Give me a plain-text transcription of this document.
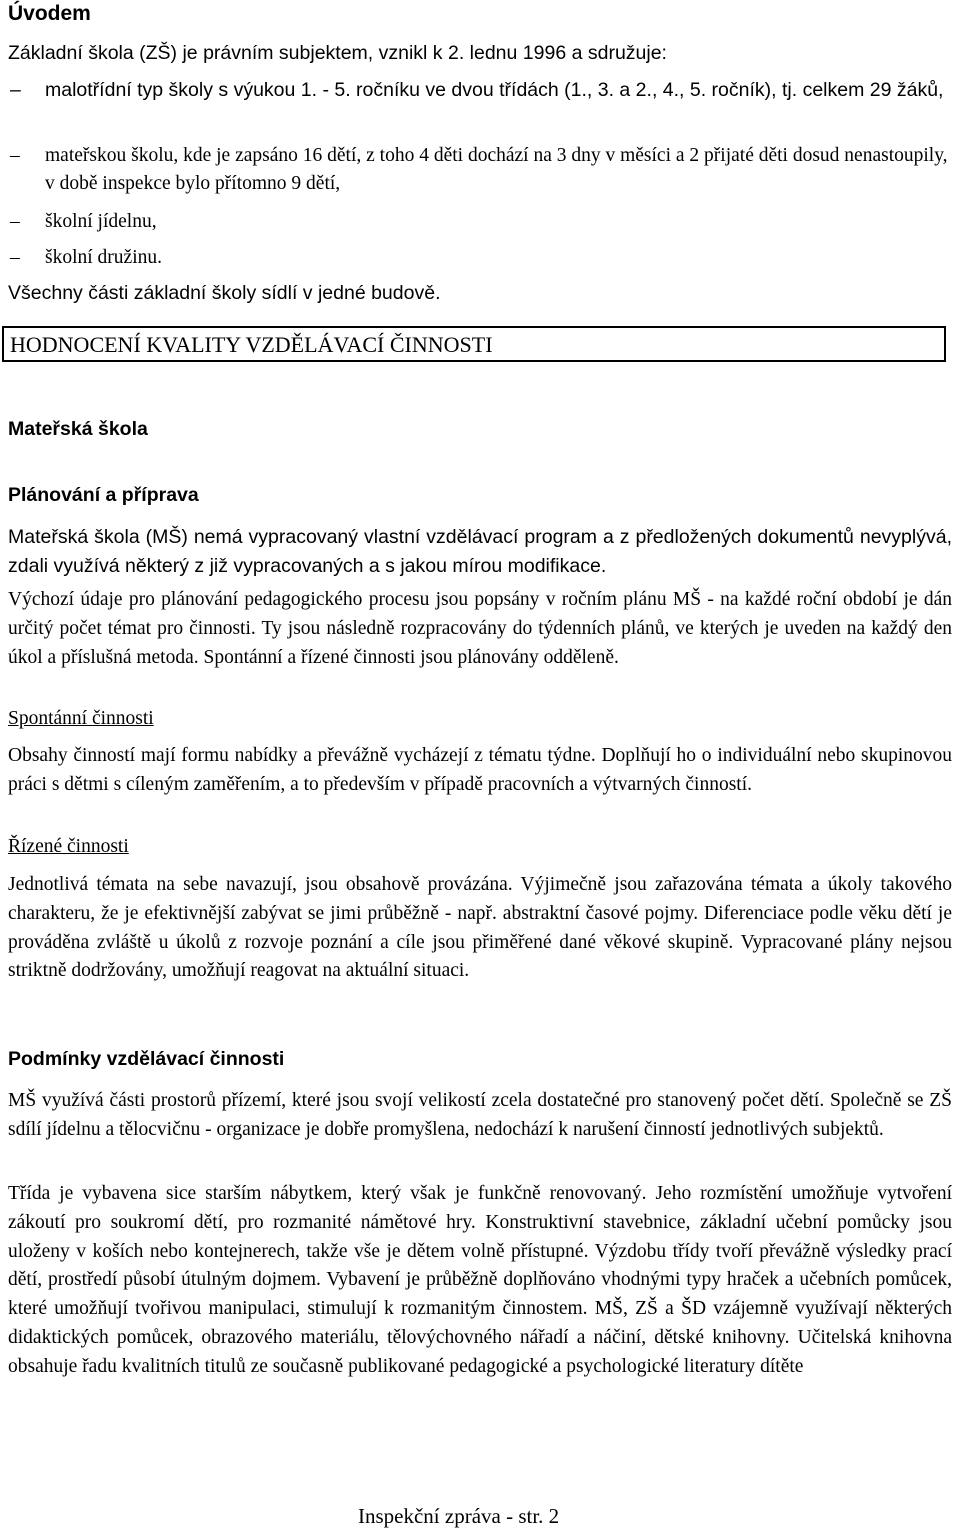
Úvodem
Základní škola (ZŠ) je právním subjektem, vznikl k 2. lednu 1996 a sdružuje:
– malotřídní typ školy s výukou 1. - 5. ročníku ve dvou třídách (1., 3. a 2., 4., 5. ročník), tj. celkem 29 žáků,
– mateřskou školu, kde je zapsáno 16 dětí, z toho 4 děti dochází na 3 dny v měsíci a 2 přijaté děti dosud nenastoupily, v době inspekce bylo přítomno 9 dětí,
– školní jídelnu,
– školní družinu.
Všechny části základní školy sídlí v jedné budově.
HODNOCENÍ KVALITY VZDĚLÁVACÍ ČINNOSTI
Mateřská škola
Plánování a příprava

Mateřská škola (MŠ) nemá vypracovaný vlastní vzdělávací program a z předložených dokumentů nevyplývá, zdali využívá některý z již vypracovaných a s jakou mírou modifikace.

Výchozí údaje pro plánování pedagogického procesu jsou popsány v ročním plánu MŠ - na každé roční období je dán určitý počet témat pro činnosti. Ty jsou následně rozpracovány do týdenních plánů, ve kterých je uveden na každý den úkol a příslušná metoda. Spontánní a řízené činnosti jsou plánovány odděleně.

Spontánní činnosti

Obsahy činností mají formu nabídky a převážně vycházejí z tématu týdne. Doplňují ho o individuální nebo skupinovou práci s dětmi s cíleným zaměřením, a to především v případě pracovních a výtvarných činností.

Řízené činnosti

Jednotlivá témata na sebe navazují, jsou obsahově provázána. Výjimečně jsou zařazována témata a úkoly takového charakteru, že je efektivnější zabývat se jimi průběžně - např. abstraktní časové pojmy. Diferenciace podle věku dětí je prováděna zvláště u úkolů z rozvoje poznání a cíle jsou přiměřené dané věkové skupině. Vypracované plány nejsou striktně dodržovány, umožňují reagovat na aktuální situaci.

Podmínky vzdělávací činnosti

MŠ využívá části prostorů přízemí, které jsou svojí velikostí zcela dostatečné pro stanovený počet dětí. Společně se ZŠ sdílí jídelnu a tělocvičnu - organizace je dobře promyšlena, nedochází k narušení činností jednotlivých subjektů.

Třída je vybavena sice starším nábytkem, který však je funkčně renovovaný. Jeho rozmístění umožňuje vytvoření zákoutí pro soukromí dětí, pro rozmanité námětové hry. Konstruktivní stavebnice, základní učební pomůcky jsou uloženy v koších nebo kontejnerech, takže vše je dětem volně přístupné. Výzdobu třídy tvoří převážně výsledky prací dětí, prostředí působí útulným dojmem. Vybavení je průběžně doplňováno vhodnými typy hraček a učebních pomůcek, které umožňují tvořivou manipulaci, stimulují k rozmanitým činnostem. MŠ, ZŠ a ŠD vzájemně využívají některých didaktických pomůcek, obrazového materiálu, tělovýchovného nářadí a náčiní, dětské knihovny. Učitelská knihovna obsahuje řadu kvalitních titulů ze současně publikované pedagogické a psychologické literatury dítěte

Inspekční zpráva - str. 2
